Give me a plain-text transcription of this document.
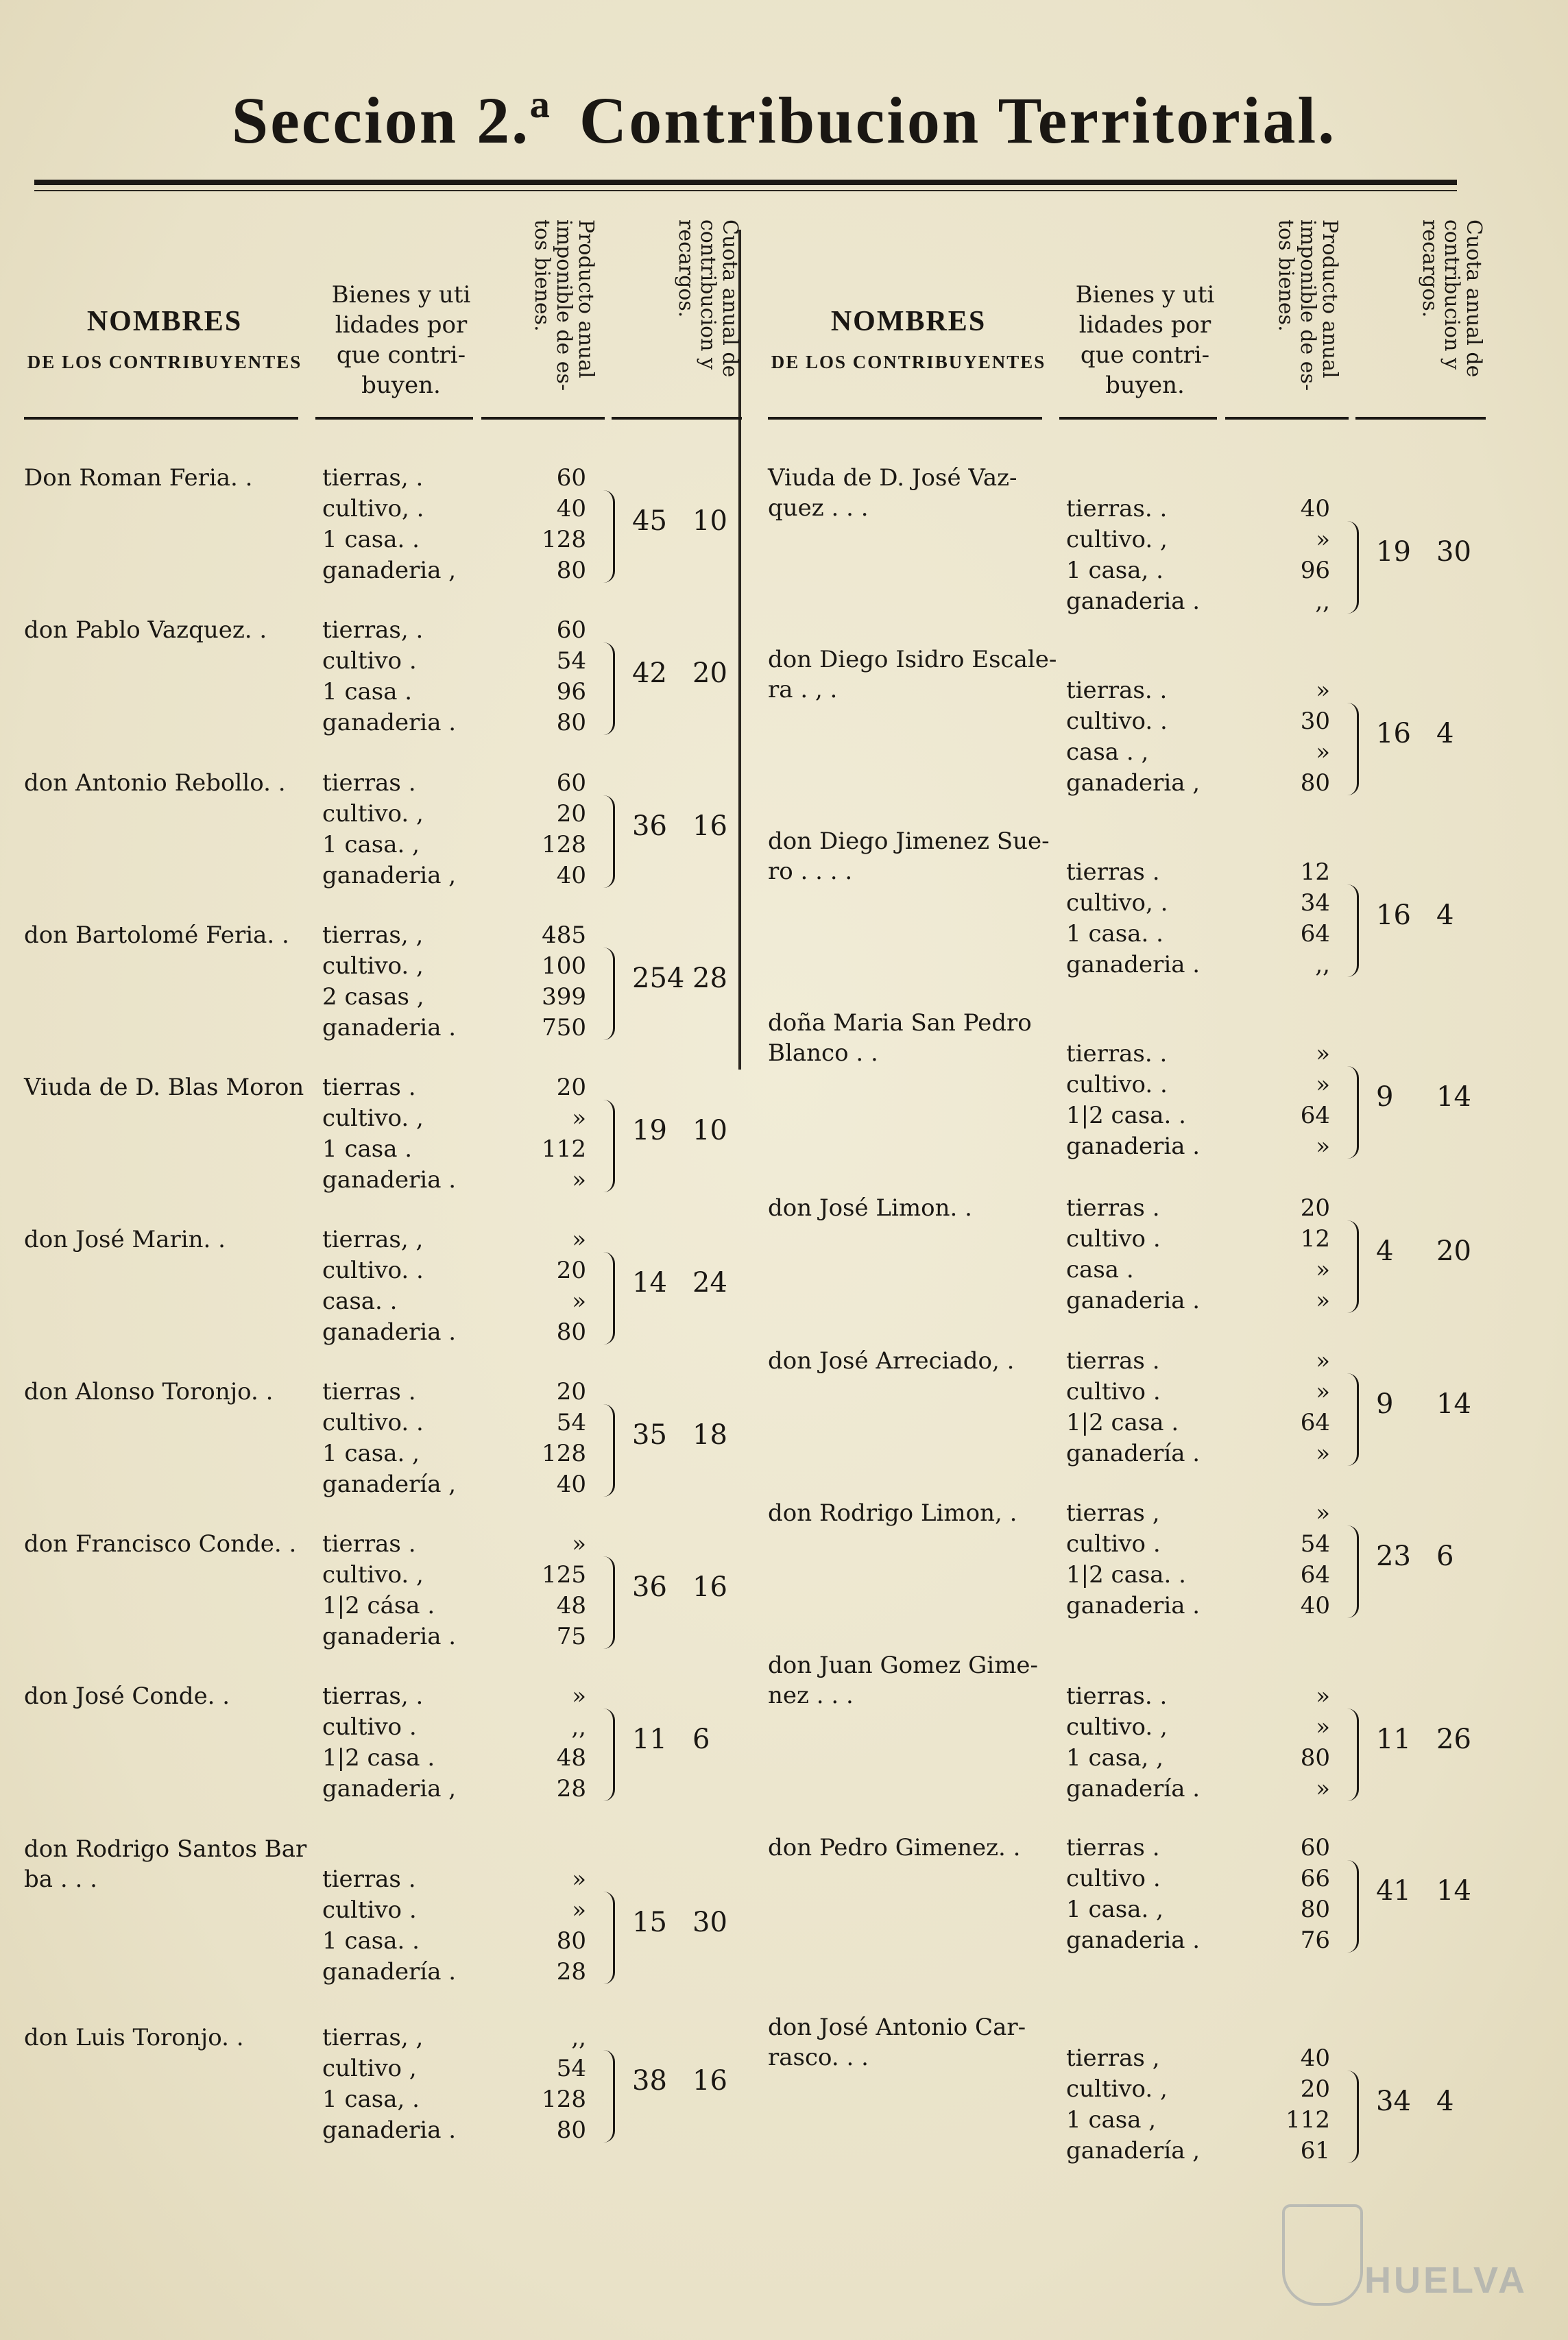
Seccion 2.ª Contribucion Territorial.
NOMBRES
DE LOS CONTRIBUYENTES
Bienes y uti lidades por que contri- buyen.
Producto anual imponible de es- tos bienes.	Cuota anual de contribucion y recargos.
Don Roman Feria. .	tierras, .	60
cultivo, .	40
1 casa. .	128
ganaderia ,	80
45 10
don Pablo Vazquez. .	tierras, .	60
cultivo .	54
1 casa .	96
ganaderia .	80
42 20
don Antonio Rebollo. .	tierras .	60
cultivo. ,	20
1 casa. ,	128
ganaderia ,	40
36 16
don Bartolomé Feria. .	tierras, ,	485
cultivo. ,	100
2 casas ,	399
ganaderia .	750
254 28
Viuda de D. Blas Moron tierras .	20
cultivo. ,	»
1 casa .	112
ganaderia .	»
19 10
don José Marin. .	tierras, ,	»
cultivo. .	20
casa. .	»
ganaderia .	80
14 24
don Alonso Toronjo. .	tierras .	20
cultivo. .	54
1 casa. ,	128
ganadería ,	40
35 18
don Francisco Conde. .	tierras .	»
cultivo. ,	125
1|2 cása .	48
ganaderia .	75
36 16
don José Conde. .	tierras, .	»
cultivo .	,,
1|2 casa .	48
ganaderia ,	28
11 6
don Rodrigo Santos Bar ba . . .	tierras .	»
cultivo .	»
1 casa. .	80
ganadería .	28
15 30
don Luis Toronjo. .	tierras, ,	,,
cultivo ,	54
1 casa, .	128
ganaderia .	80
38 16
NOMBRES
DE LOS CONTRIBUYENTES
Bienes y uti lidades por que contri- buyen.
Producto anual imponible de es- tos bienes.	Cuota anual de contribucion y recargos.
Viuda de D. José Vaz- quez . . .	tierras. .	40
cultivo. ,	»
1 casa, .	96
ganaderia .	,,
19 30
don Diego Isidro Escale- ra . , .	tierras. .	»
cultivo. .	30
casa . ,	»
ganaderia ,	80
16 4
don Diego Jimenez Sue- ro . . . .	tierras .	12
cultivo, .	34
1 casa. .	64
ganaderia .	,,
16 4
doña Maria San Pedro Blanco . .	tierras. .	»
cultivo. .	»
1|2 casa. .	64
ganaderia .	»
9 14
don José Limon. .	tierras .	20
cultivo .	12
casa .	»
ganaderia .	»
4 20
don José Arreciado, .	tierras .	»
cultivo .	»
1|2 casa .	64
ganadería .	»
9 14
don Rodrigo Limon, .	tierras ,	»
cultivo .	54
1|2 casa. .	64
ganaderia .	40
23 6
don Juan Gomez Gime- nez . . .	tierras. .	»
cultivo. ,	»
1 casa, ,	80
ganadería .	»
11 26
don Pedro Gimenez. .	tierras .	60
cultivo .	66
1 casa. ,	80
ganaderia .	76
41 14
don José Antonio Car- rasco. . .	tierras ,	40
cultivo. ,	20
1 casa ,	112
ganadería ,	61
34 4
HUELVA
